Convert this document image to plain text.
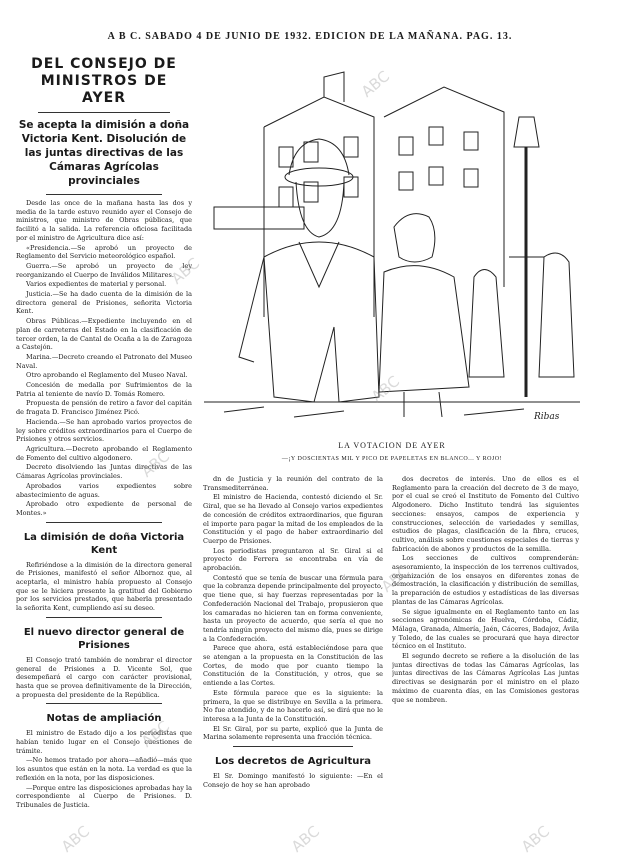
A B C. SABADO 4 DE JUNIO DE 1932. EDICION DE LA MAÑANA. PAG. 13.
DEL CONSEJO DE MINISTROS DE AYER
Se acepta la dimisión a doña Victoria Kent. Disolución de las juntas directivas de las Cámaras Agrícolas provinciales

Desde las once de la mañana hasta las dos y media de la tarde estuvo reunido ayer el Consejo de ministros, que ministro de Obras públicas, que facilitó a la salida. La referencia oficiosa facilitada por el ministro de Agricultura dice así:

«Presidencia.—Se aprobó un proyecto de Reglamento del Servicio meteorológico español.

Guerra.—Se aprobó un proyecto de ley reorganizando el Cuerpo de Inválidos Militares.

Varios expedientes de material y personal.

Justicia.—Se ha dado cuenta de la dimisión de la directora general de Prisiones, señorita Victoria Kent.

Obras Públicas.—Expediente incluyendo en el plan de carreteras del Estado en la clasificación de tercer orden, la de Cantal de Ocaña a la de Zaragoza a Castejón.

Marina.—Decreto creando el Patronato del Museo Naval.

Otro aprobando el Reglamento del Museo Naval.

Concesión de medalla por Sufrimientos de la Patria al teniente de navío D. Tomás Romero.

Propuesta de pensión de retiro a favor del capitán de fragata D. Francisco Jiménez Picó.

Hacienda.—Se han aprobado varios proyectos de ley sobre créditos extraordinarios para el Cuerpo de Prisiones y otros servicios.

Agricultura.—Decreto aprobando el Reglamento de Fomento del cultivo algodonero.

Decreto disolviendo las Juntas directivas de las Cámaras Agrícolas provinciales.

Aprobados varios expedientes sobre abastecimiento de aguas.

Aprobado otro expediente de personal de Montes.»

La dimisión de doña Victoria Kent

Refiriéndose a la dimisión de la directora general de Prisiones, manifestó el señor Albornoz que, al aceptarla, el ministro había propuesto al Consejo que se le hiciera presente la gratitud del Gobierno por los servicios prestados, que haberla presentado la señorita Kent, cumpliendo así su deseo.

El nuevo director general de Prisiones

El Consejo trató también de nombrar el director general de Prisiones a D. Vicente Sol, que desempeñará el cargo con carácter provisional, hasta que se provea definitivamente de la Dirección, a propuesta del presidente de la República.

Notas de ampliación

El ministro de Estado dijo a los periodistas que habían tenido lugar en el Consejo cuestiones de trámite.

—No hemos tratado por ahora—añadió—más que los asuntos que están en la nota. La verdad es que la reflexión en la nota, por las disposiciones.

—Porque entre las disposiciones aprobadas hay la correspondiente al Cuerpo de Prisiones. D. Tribunales de Justicia.

Ribas
LA VOTACION DE AYER
—¡Y DOSCIENTAS MIL Y PICO DE PAPELETAS EN BLANCO... Y ROJO!

dn de Justicia y la reunión del contrato de la Transmediterránea.

El ministro de Hacienda, contestó diciendo el Sr. Giral, que se ha llevado al Consejo varios expedientes de concesión de créditos extraordinarios, que figuran el importe para pagar la mitad de los empleados de la Constitución y el pago de haber extraordinario del Cuerpo de Prisiones.

Los periodistas preguntaron al Sr. Giral si el proyecto de Ferrera se encontraba en vía de aprobación.

Contestó que se tenía de buscar una fórmula para que la cobranza depende principalmente del proyecto, que tiene que, si hay fuerzas representadas por la Confederación Nacional del Trabajo, propusieron que los camaradas no hicieren tan en forma conveniente, hasta un proyecto de acuerdo, que sería el que no tendría ningún proyecto del mismo día, pues se dirige a la Confederación.

Parece que ahora, está estableciéndose para que se atengan a la propuesta en la Constitución de las Cortes, de modo que por cuanto tiempo la Constitución de la Constitución, y otros, que se entiende a las Cortes.

Este fórmula parece que es la siguiente: la primera, la que se distribuye en Sevilla a la primera. No fue atendido, y de no hacerlo así, se dirá que no le interesa a la Junta de la Constitución.

El Sr. Giral, por su parte, explicó que la Junta de Marina solamente representa una fracción técnica.

Los decretos de Agricultura

El Sr. Domingo manifestó lo siguiente: —En el Consejo de hoy se han aprobado

dos decretos de interés. Uno de ellos es el Reglamento para la creación del decreto de 3 de mayo, por el cual se creó el Instituto de Fomento del Cultivo Algodonero. Dicho Instituto tendrá las siguientes secciones: ensayos, campos de experiencia y construcciones, selección de variedades y semillas, estudios de plagas, clasificación de la fibra, cruces, cultivo, análisis sobre cuestiones especiales de tierras y fabricación de abonos y productos de la semilla.

Los secciones de cultivos comprenderán: asesoramiento, la inspección de los terrenos cultivados, organización de los ensayos en diferentes zonas de demostración, la clasificación y distribución de semillas, la preparación de estudios y estadísticas de las diversas plantas de las Cámaras Agrícolas.

Se sigue igualmente en el Reglamento tanto en las secciones agronómicas de Huelva, Córdoba, Cádiz, Málaga, Granada, Almería, Jaén, Cáceres, Badajoz, Ávila y Toledo, de las cuales se procurará que haya director técnico en el Instituto.

El segundo decreto se refiere a la disolución de las juntas directivas de todas las Cámaras Agrícolas, las juntas directivas de las Cámaras Agrícolas Las juntas directivas se designarán por el ministro en el plazo máximo de cuarenta días, en las Comisiones gestoras que se nombren.

ABC
ABC
ABC
ABC
ABC
ABC
ABC	ABC	ABC
